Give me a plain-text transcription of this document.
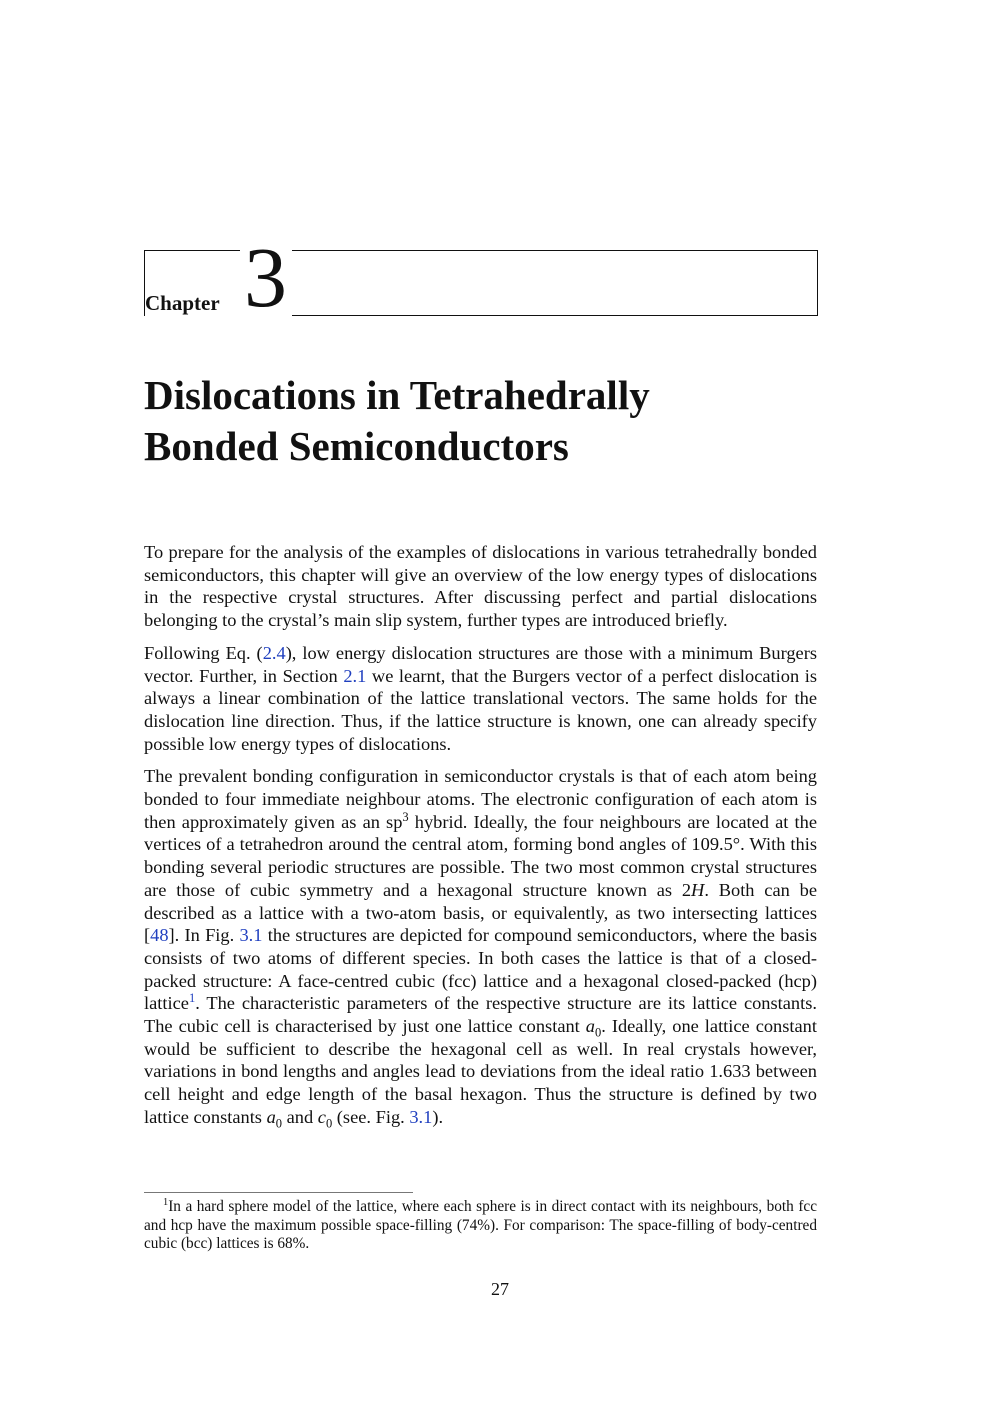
Chapter 3
Dislocations in Tetrahedrally
Bonded Semiconductors

To prepare for the analysis of the examples of dislocations in various tetrahedrally bonded semiconductors, this chapter will give an overview of the low energy types of dislocations in the respective crystal structures. After discussing perfect and partial dislocations belonging to the crystal’s main slip system, further types are introduced briefly.

Following Eq. (2.4), low energy dislocation structures are those with a minimum Burgers vector. Further, in Section 2.1 we learnt, that the Burgers vector of a perfect dislocation is always a linear combination of the lattice translational vectors. The same holds for the dislocation line direction. Thus, if the lattice structure is known, one can already specify possible low energy types of dislocations.

The prevalent bonding configuration in semiconductor crystals is that of each atom being bonded to four immediate neighbour atoms. The electronic configuration of each atom is then approximately given as an $sp^3$ hybrid. Ideally, the four neighbours are located at the vertices of a tetrahedron around the central atom, forming bond angles of 109.5°. With this bonding several periodic structures are possible. The two most common crystal structures are those of cubic symmetry and a hexagonal structure known as 2H. Both can be described as a lattice with a two-atom basis, or equivalently, as two intersecting lattices [48]. In Fig. 3.1 the structures are depicted for compound semiconductors, where the basis consists of two atoms of different species. In both cases the lattice is that of a closed-packed structure: A face-centred cubic (fcc) lattice and a hexagonal closed-packed (hcp) lattice$^1$. The characteristic parameters of the respective structure are its lattice constants. The cubic cell is characterised by just one lattice constant $a_0$. Ideally, one lattice constant would be sufficient to describe the hexagonal cell as well. In real crystals however, variations in bond lengths and angles lead to deviations from the ideal ratio 1.633 between cell height and edge length of the basal hexagon. Thus the structure is defined by two lattice constants $a_0$ and $c_0$ (see. Fig. 3.1).

$^1$In a hard sphere model of the lattice, where each sphere is in direct contact with its neighbours, both fcc and hcp have the maximum possible space-filling (74%). For comparison: The space-filling of body-centred cubic (bcc) lattices is 68%.

27
